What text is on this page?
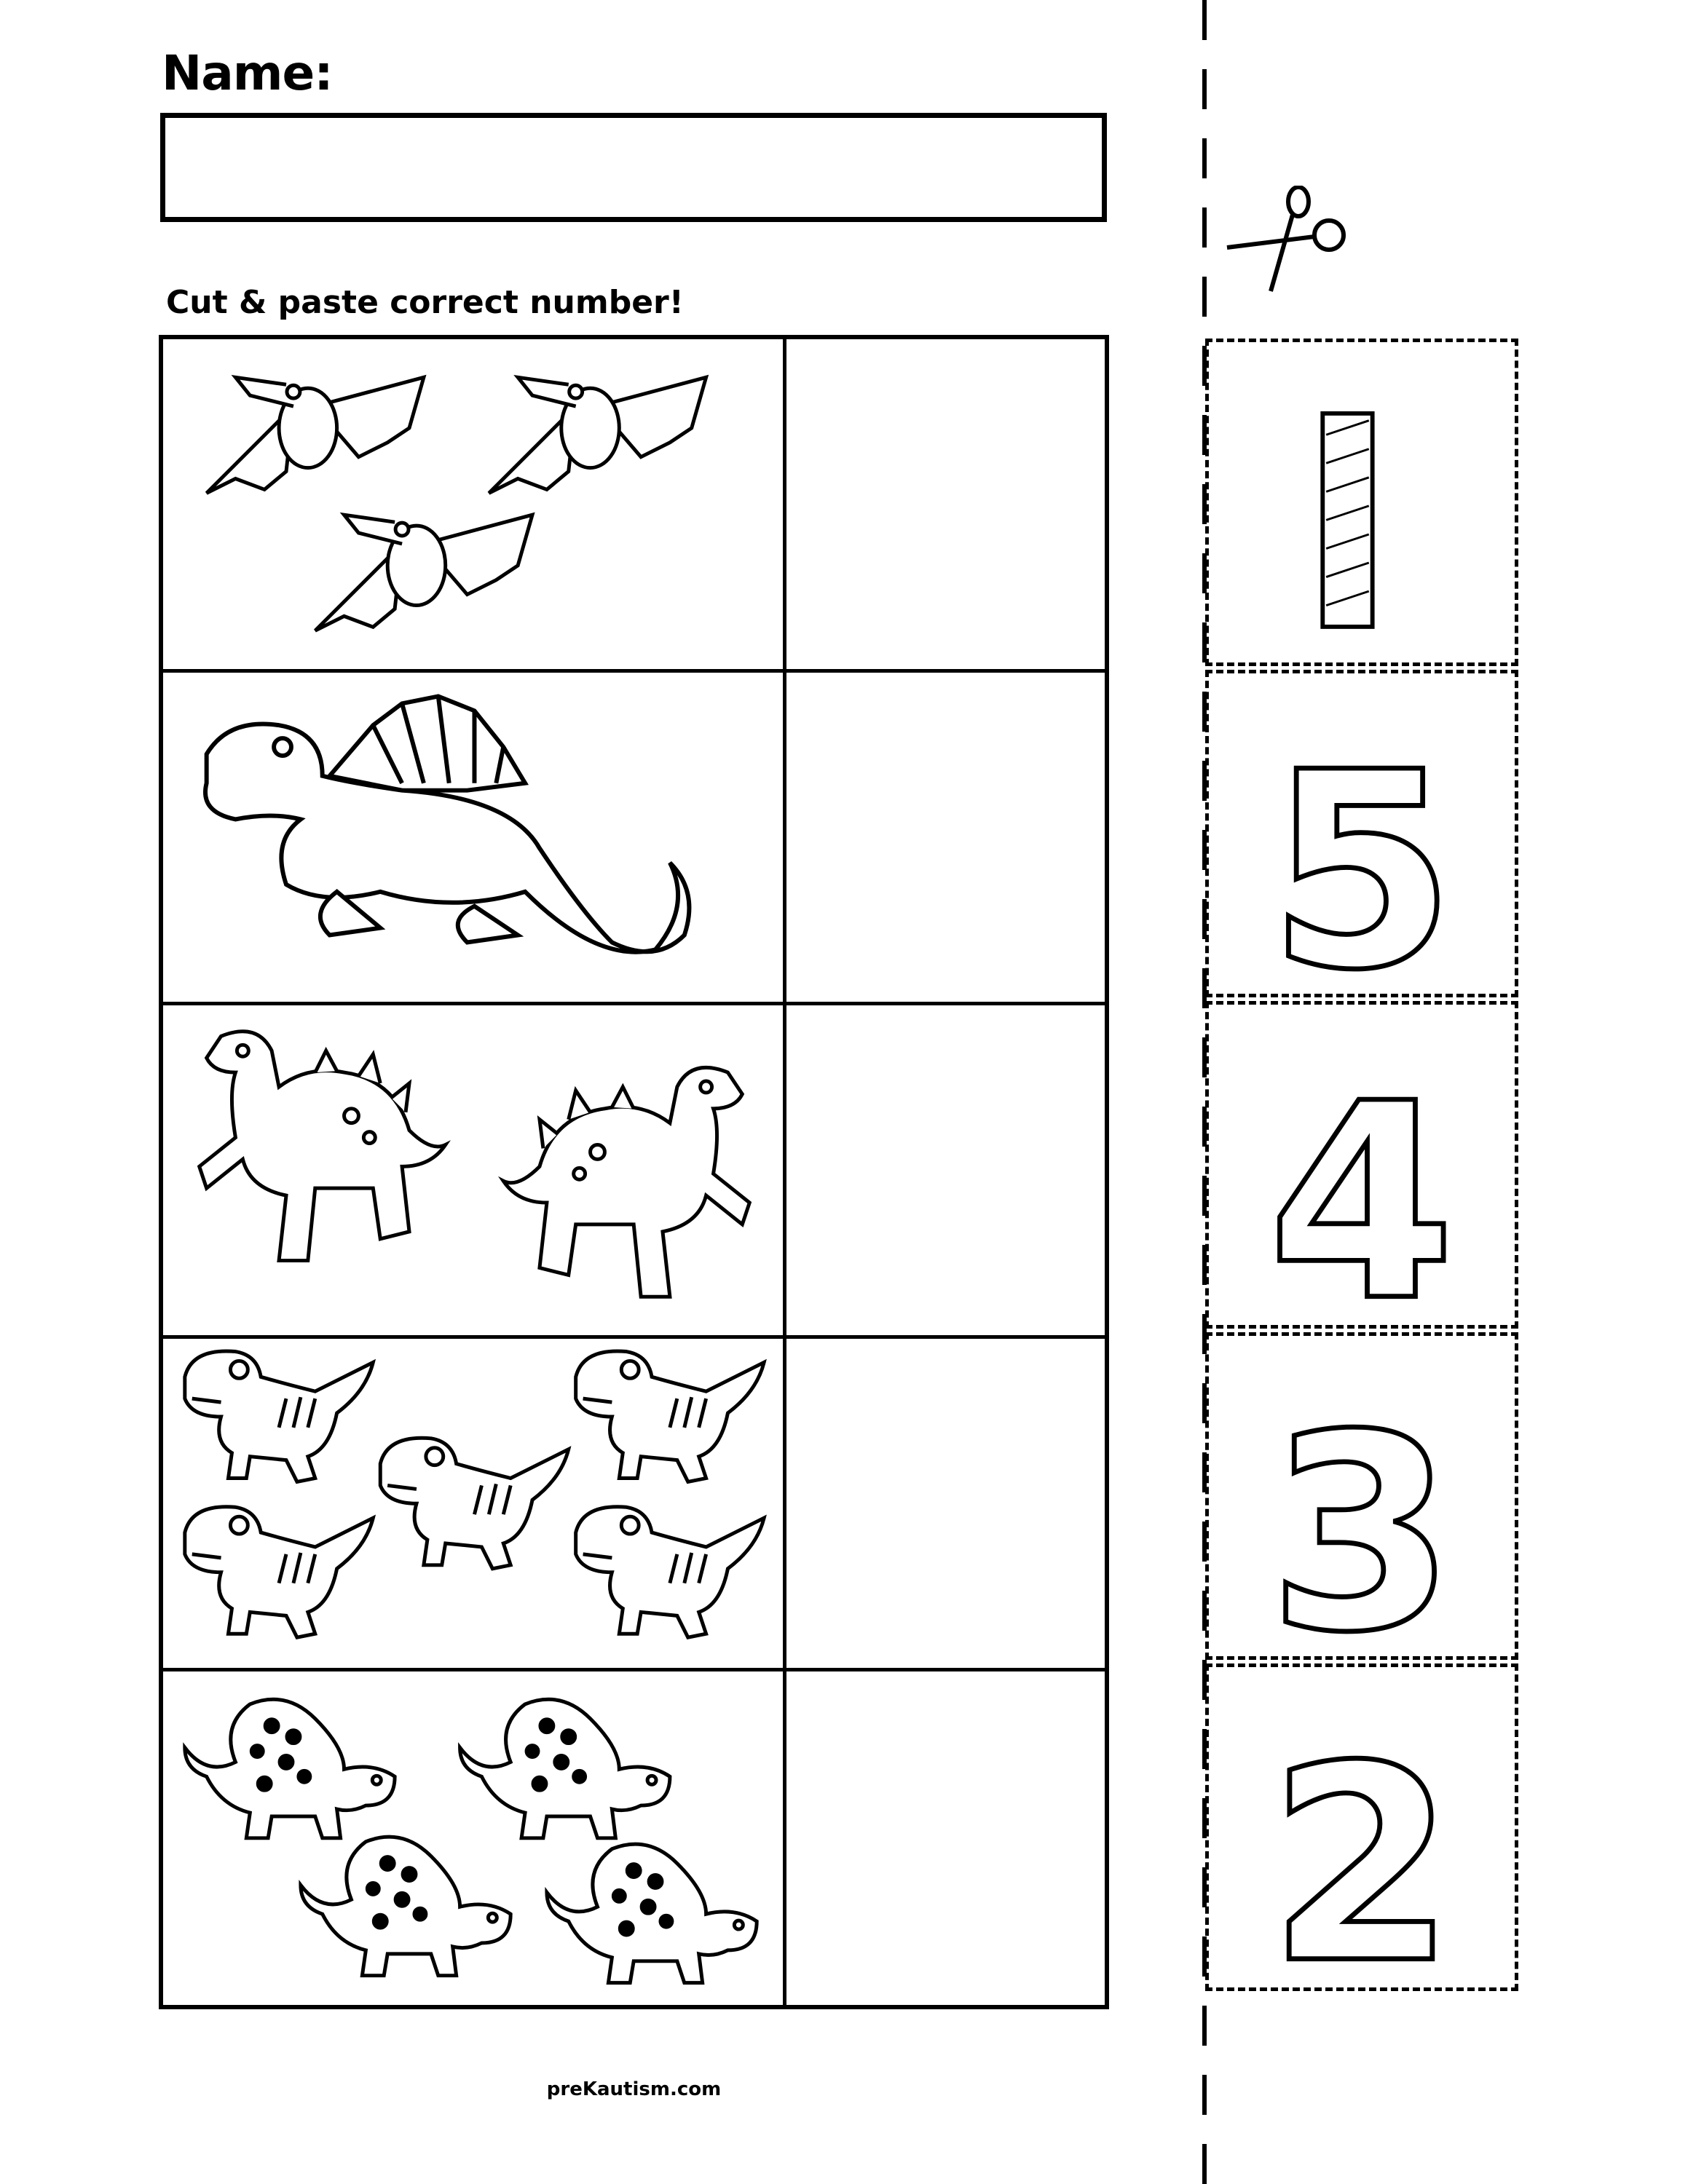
Name:
Cut & paste correct number!
preKautism.com
5
4
3
2
